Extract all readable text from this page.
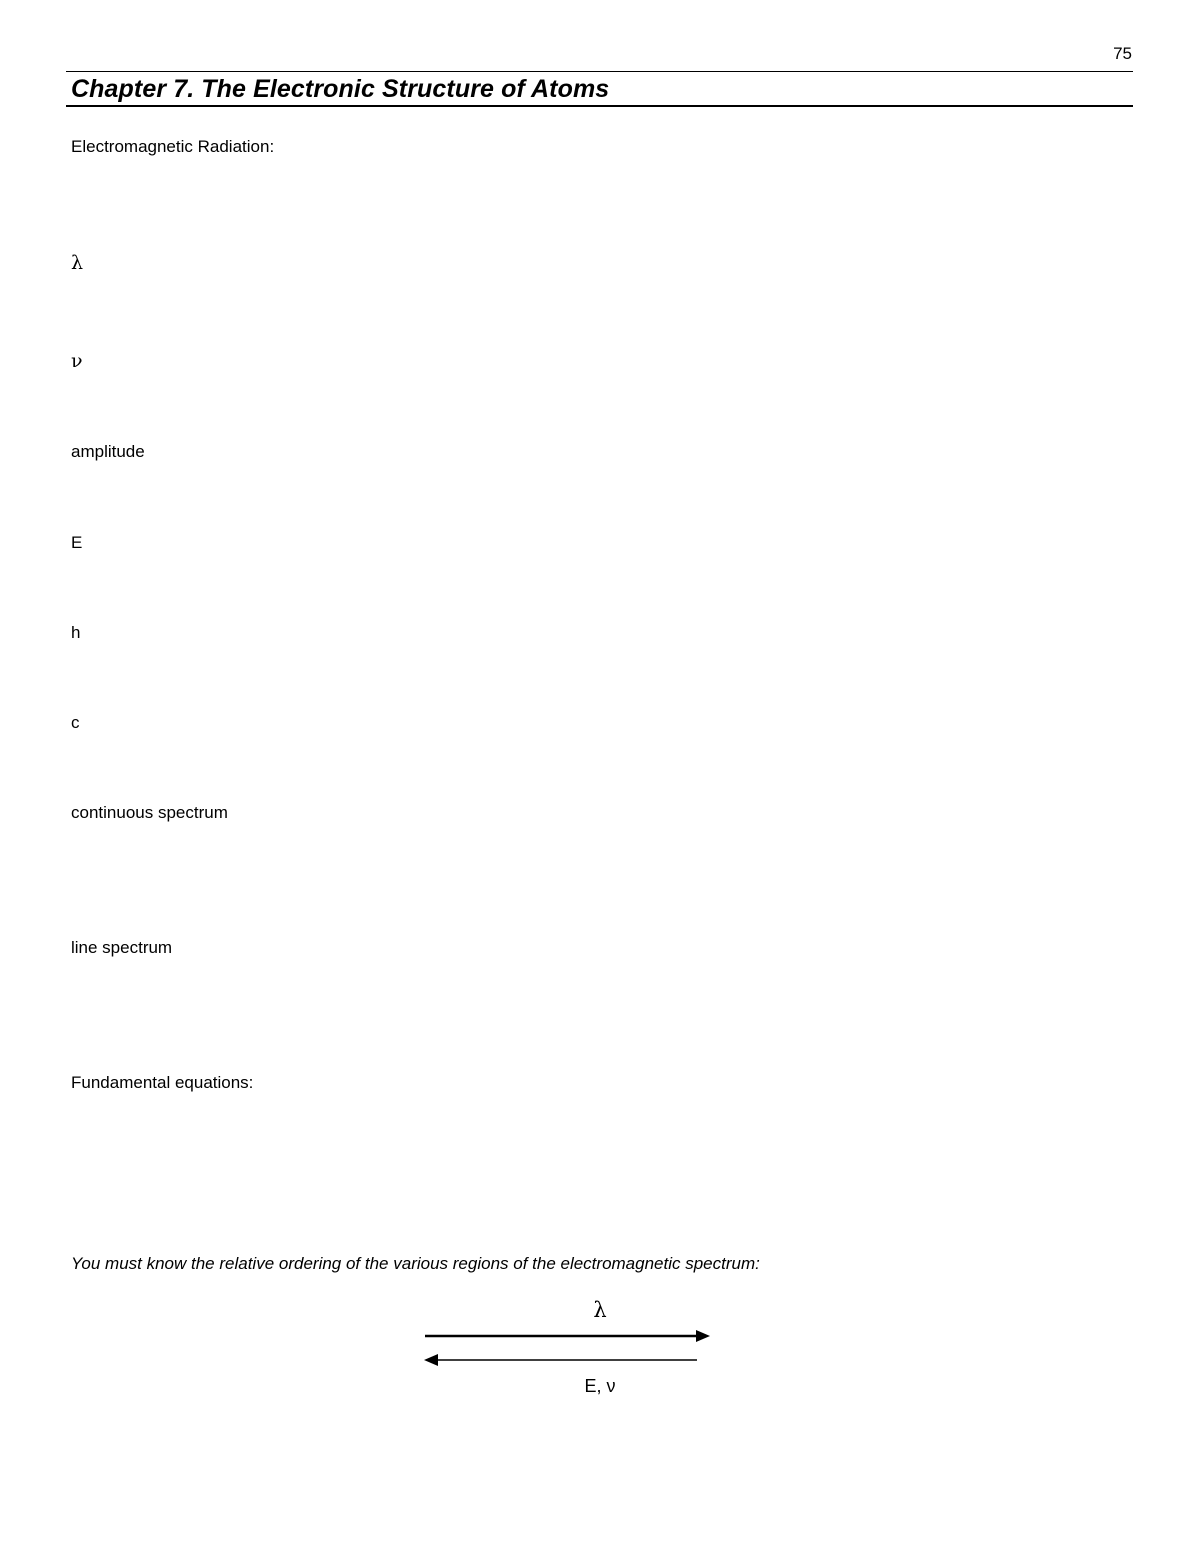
75
Chapter 7. The Electronic Structure of Atoms
Electromagnetic Radiation:
λ
ν
amplitude
E
h
c
continuous spectrum
line spectrum
Fundamental equations:
You must know the relative ordering of the various regions of the electromagnetic spectrum:
λ
E, ν
